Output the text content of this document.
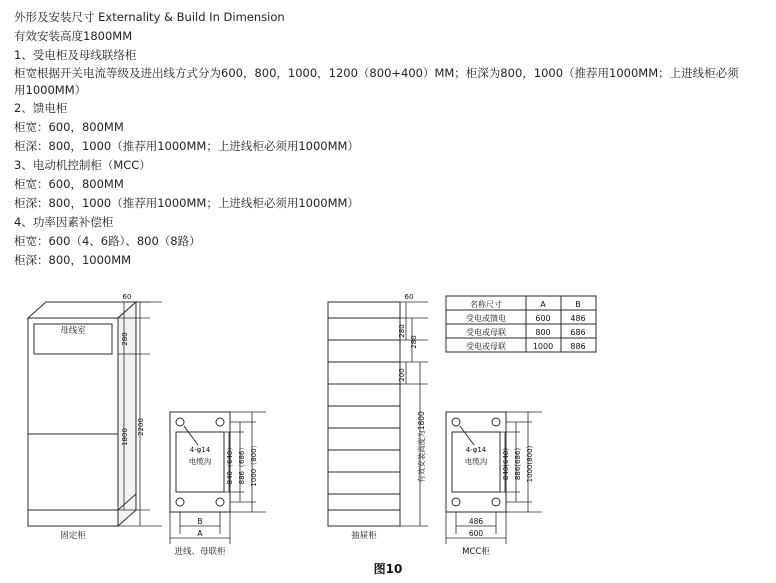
外形及安装尺寸 Externality & Build In Dimension
有效安装高度1800MM
1、受电柜及母线联络柜
柜宽根据开关电流等级及进出线方式分为600，800，1000，1200（800+400）MM；柜深为800，1000（推荐用1000MM；上进线柜必须用1000MM）
2、馈电柜
柜宽：600，800MM
柜深：800，1000（推荐用1000MM；上进线柜必须用1000MM）
3、电动机控制柜（MCC）
柜宽：600，800MM
柜深：800，1000（推荐用1000MM；上进线柜必须用1000MM）
4、功率因素补偿柜
柜宽：600（4、6路）、800（8路）
柜深：800，1000MM
母线室
60
280
1800
2200
固定柜
4-φ14
电缆沟 840（640） 886（686） 1000（800）
B
A
进线、母联柜
60
280
280
200
有效安装高度为1800
抽屉柜
4-φ14
电缆沟 840(640) 886(686) 1000(800)
486
600
MCC柜
名称尺寸	A	B
受电或馈电	600 486
受电或母联	800 686
受电或母联	1000 886
图10
